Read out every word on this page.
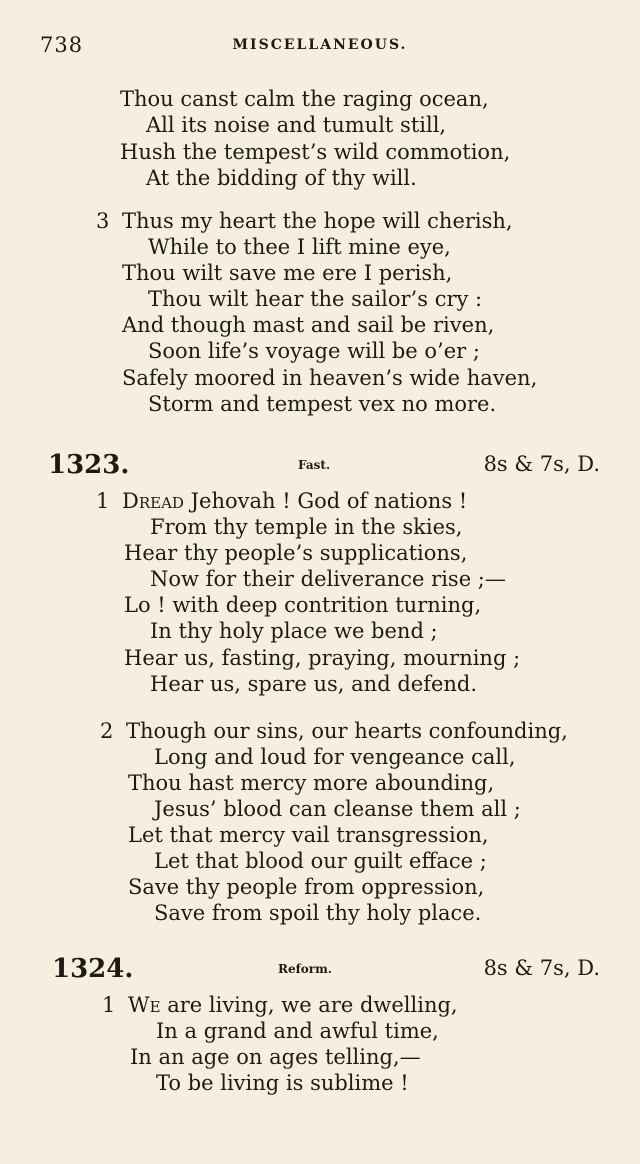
738	MISCELLANEOUS.
Thou canst calm the raging ocean,
All its noise and tumult still,
Hush the tempest’s wild commotion,
At the bidding of thy will.
3 Thus my heart the hope will cherish,
While to thee I lift mine eye,
Thou wilt save me ere I perish,
Thou wilt hear the sailor’s cry :
And though mast and sail be riven,
Soon life’s voyage will be o’er ;
Safely moored in heaven’s wide haven,
Storm and tempest vex no more.
1323.	Fast.	8s & 7s, D.
1 Dread Jehovah ! God of nations !
From thy temple in the skies,
Hear thy people’s supplications,
Now for their deliverance rise ;—
Lo ! with deep contrition turning,
In thy holy place we bend ;
Hear us, fasting, praying, mourning ;
Hear us, spare us, and defend.
2 Though our sins, our hearts confounding,
Long and loud for vengeance call,
Thou hast mercy more abounding,
Jesus’ blood can cleanse them all ;
Let that mercy vail transgression,
Let that blood our guilt efface ;
Save thy people from oppression,
Save from spoil thy holy place.
1324.	Reform.	8s & 7s, D.
1 We are living, we are dwelling,
In a grand and awful time,
In an age on ages telling,—
To be living is sublime !
